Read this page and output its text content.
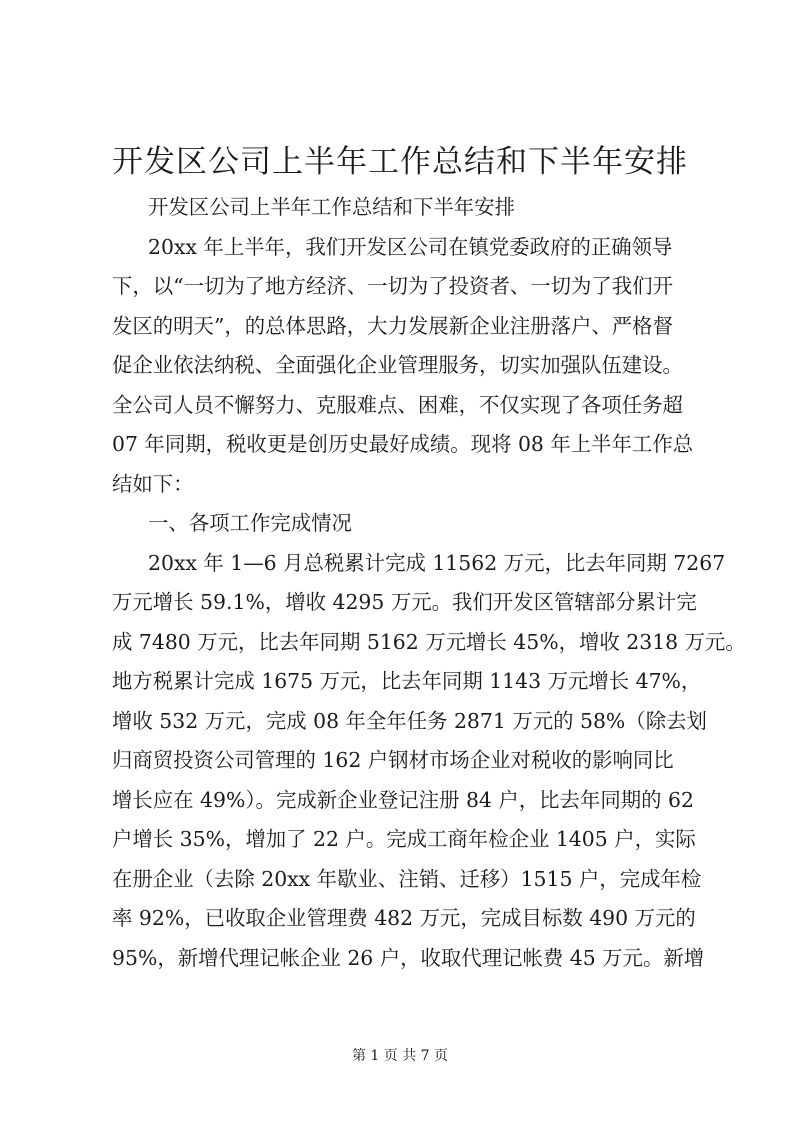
开发区公司上半年工作总结和下半年安排
开发区公司上半年工作总结和下半年安排
20xx 年上半年，我们开发区公司在镇党委政府的正确领导
下，以“一切为了地方经济、一切为了投资者、一切为了我们开
发区的明天”，的总体思路，大力发展新企业注册落户、严格督
促企业依法纳税、全面强化企业管理服务，切实加强队伍建设。
全公司人员不懈努力、克服难点、困难，不仅实现了各项任务超
07 年同期，税收更是创历史最好成绩。现将 08 年上半年工作总
结如下：
一、各项工作完成情况
20xx 年 1—6 月总税累计完成 11562 万元，比去年同期 7267
万元增长 59.1%，增收 4295 万元。我们开发区管辖部分累计完
成 7480 万元，比去年同期 5162 万元增长 45%，增收 2318 万元。
地方税累计完成 1675 万元，比去年同期 1143 万元增长 47%，
增收 532 万元，完成 08 年全年任务 2871 万元的 58%（除去划
归商贸投资公司管理的 162 户钢材市场企业对税收的影响同比
增长应在 49%）。完成新企业登记注册 84 户，比去年同期的 62
户增长 35%，增加了 22 户。完成工商年检企业 1405 户，实际
在册企业（去除 20xx 年歇业、注销、迁移）1515 户，完成年检
率 92%，已收取企业管理费 482 万元，完成目标数 490 万元的
95%，新增代理记帐企业 26 户，收取代理记帐费 45 万元。新增
第 1 页 共 7 页
